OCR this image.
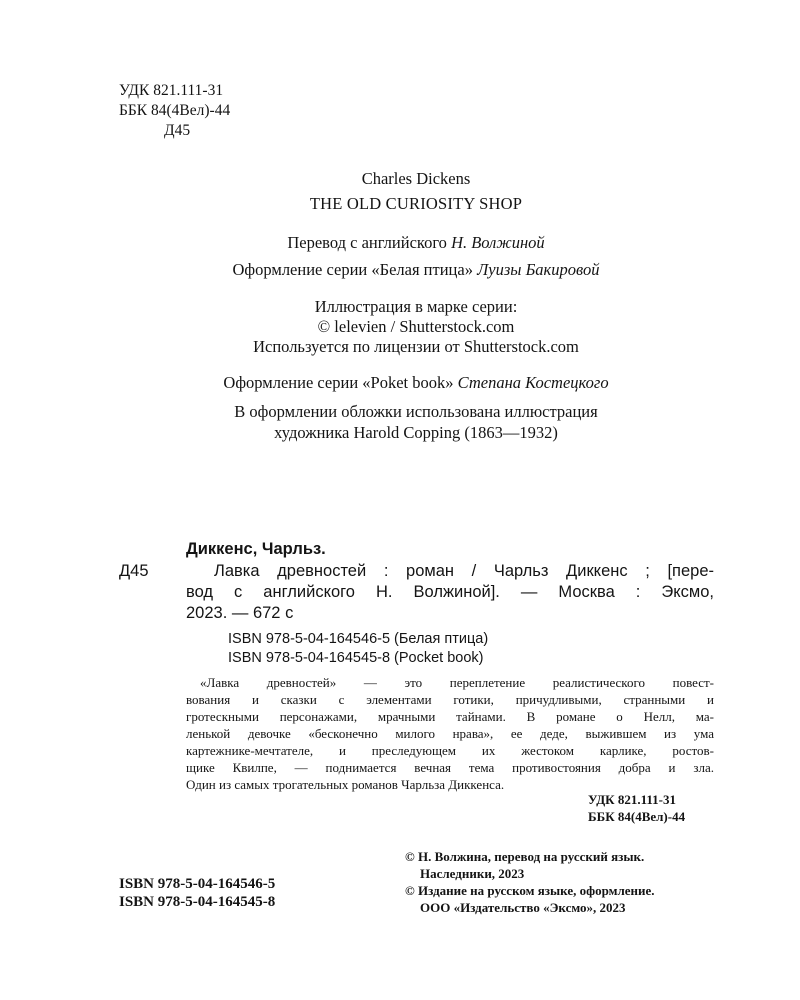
УДК 821.111-31
ББК 84(4Вел)-44
Д45
Charles Dickens
THE OLD CURIOSITY SHOP
Перевод с английского Н. Волжиной
Оформление серии «Белая птица» Луизы Бакировой
Иллюстрация в марке серии:
© lelevien / Shutterstock.com
Используется по лицензии от Shutterstock.com
Оформление серии «Poket book» Степана Костецкого
В оформлении обложки использована иллюстрация
художника Harold Copping (1863—1932)
Диккенс, Чарльз.
Д45	Лавка древностей : роман / Чарльз Диккенс ; [пере-
вод с английского Н. Волжиной]. — Москва : Эксмо,
2023. — 672 с
ISBN 978-5-04-164546-5 (Белая птица)
ISBN 978-5-04-164545-8 (Pocket book)
«Лавка древностей» — это переплетение реалистического повест-
вования и сказки с элементами готики, причудливыми, странными и
гротескными персонажами, мрачными тайнами. В романе о Нелл, ма-
ленькой девочке «бесконечно милого нрава», ее деде, выжившем из ума
картежнике-мечтателе, и преследующем их жестоком карлике, ростов-
щике Квилпе, — поднимается вечная тема противостояния добра и зла.
Один из самых трогательных романов Чарльза Диккенса.
УДК 821.111-31
ББК 84(4Вел)-44
ISBN 978-5-04-164546-5
ISBN 978-5-04-164545-8
© Н. Волжина, перевод на русский язык.
Наследники, 2023
© Издание на русском языке, оформление.
ООО «Издательство «Эксмо», 2023
